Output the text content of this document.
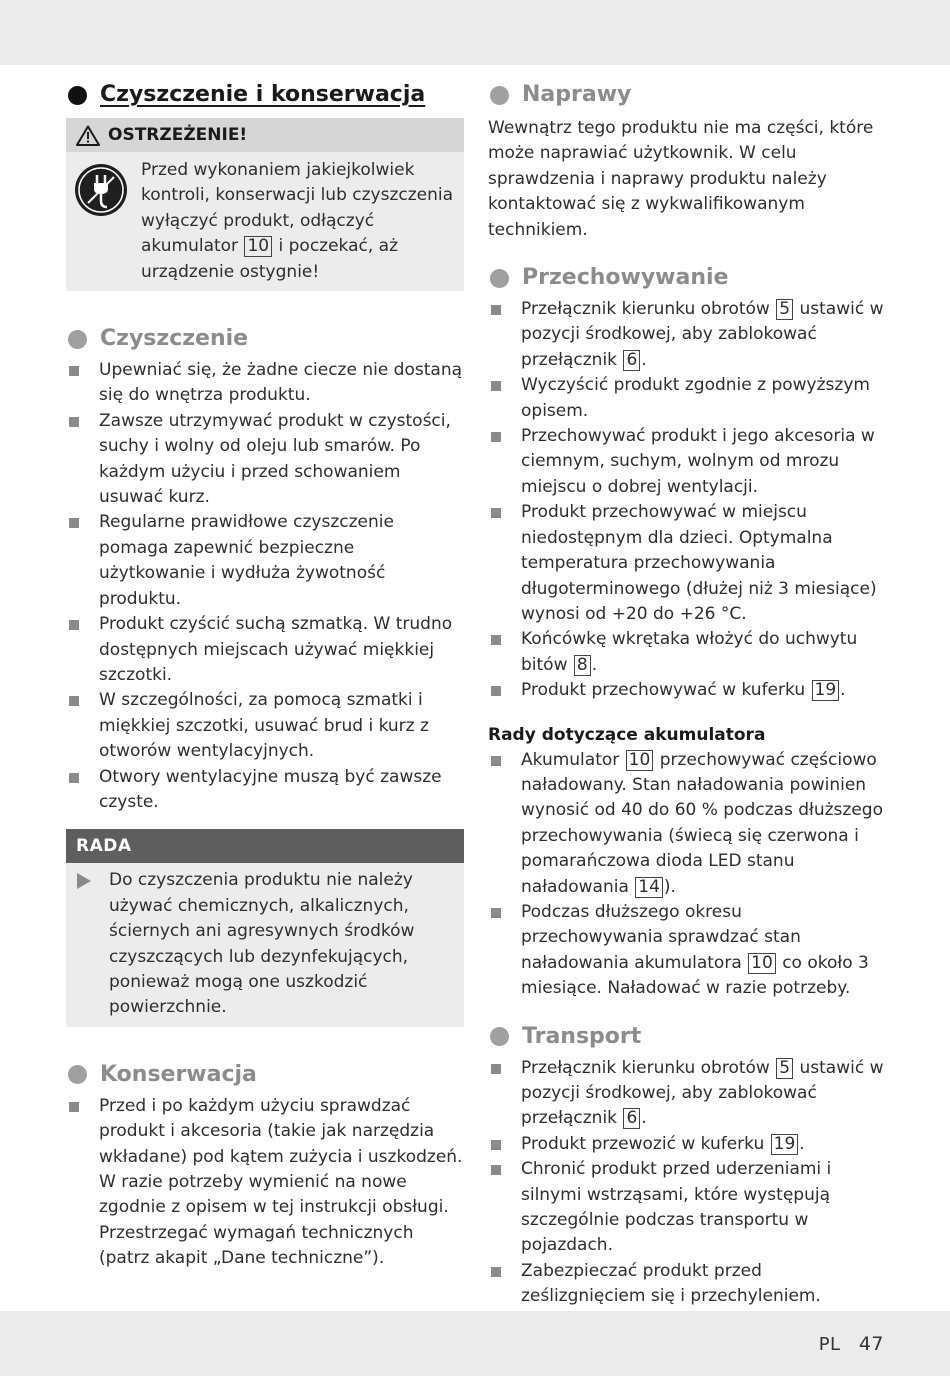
Czyszczenie i konserwacja
OSTRZEŻENIE!

Przed wykonaniem jakiejkolwiek kontroli, konserwacji lub czyszczenia wyłączyć produkt, odłączyć akumulator 10 i poczekać, aż urządzenie ostygnie!

Czyszczenie
Upewniać się, że żadne ciecze nie dostaną się do wnętrza produktu.
Zawsze utrzymywać produkt w czystości, suchy i wolny od oleju lub smarów. Po każdym użyciu i przed schowaniem usuwać kurz.
Regularne prawidłowe czyszczenie pomaga zapewnić bezpieczne użytkowanie i wydłuża żywotność produktu.
Produkt czyścić suchą szmatką. W trudno dostępnych miejscach używać miękkiej szczotki.
W szczególności, za pomocą szmatki i miękkiej szczotki, usuwać brud i kurz z otworów wentylacyjnych.
Otwory wentylacyjne muszą być zawsze czyste.
RADA

Do czyszczenia produktu nie należy używać chemicznych, alkalicznych, ściernych ani agresywnych środków czyszczących lub dezynfekujących, ponieważ mogą one uszkodzić powierzchnie.

Konserwacja
Przed i po każdym użyciu sprawdzać produkt i akcesoria (takie jak narzędzia wkładane) pod kątem zużycia i uszkodzeń. W razie potrzeby wymienić na nowe zgodnie z opisem w tej instrukcji obsługi. Przestrzegać wymagań technicznych (patrz akapit „Dane techniczne”).
Naprawy

Wewnątrz tego produktu nie ma części, które może naprawiać użytkownik. W celu sprawdzenia i naprawy produktu należy kontaktować się z wykwalifikowanym technikiem.

Przechowywanie
Przełącznik kierunku obrotów 5 ustawić w pozycji środkowej, aby zablokować przełącznik 6 .
Wyczyścić produkt zgodnie z powyższym opisem.
Przechowywać produkt i jego akcesoria w ciemnym, suchym, wolnym od mrozu miejscu o dobrej wentylacji.
Produkt przechowywać w miejscu niedostępnym dla dzieci. Optymalna temperatura przechowywania długoterminowego (dłużej niż 3 miesiące) wynosi od +20 do +26 °C.
Końcówkę wkrętaka włożyć do uchwytu bitów 8 .
Produkt przechowywać w kuferku 19 .
Rady dotyczące akumulatora
Akumulator 10 przechowywać częściowo naładowany. Stan naładowania powinien wynosić od 40 do 60 % podczas dłuższego przechowywania (świecą się czerwona i pomarańczowa dioda LED stanu naładowania 14 ).
Podczas dłuższego okresu przechowywania sprawdzać stan naładowania akumulatora 10 co około 3 miesiące. Naładować w razie potrzeby.
Transport
Przełącznik kierunku obrotów 5 ustawić w pozycji środkowej, aby zablokować przełącznik 6 .
Produkt przewozić w kuferku 19 .
Chronić produkt przed uderzeniami i silnymi wstrząsami, które występują szczególnie podczas transportu w pojazdach.
Zabezpieczać produkt przed ześlizgnięciem się i przechyleniem.
PL 47
